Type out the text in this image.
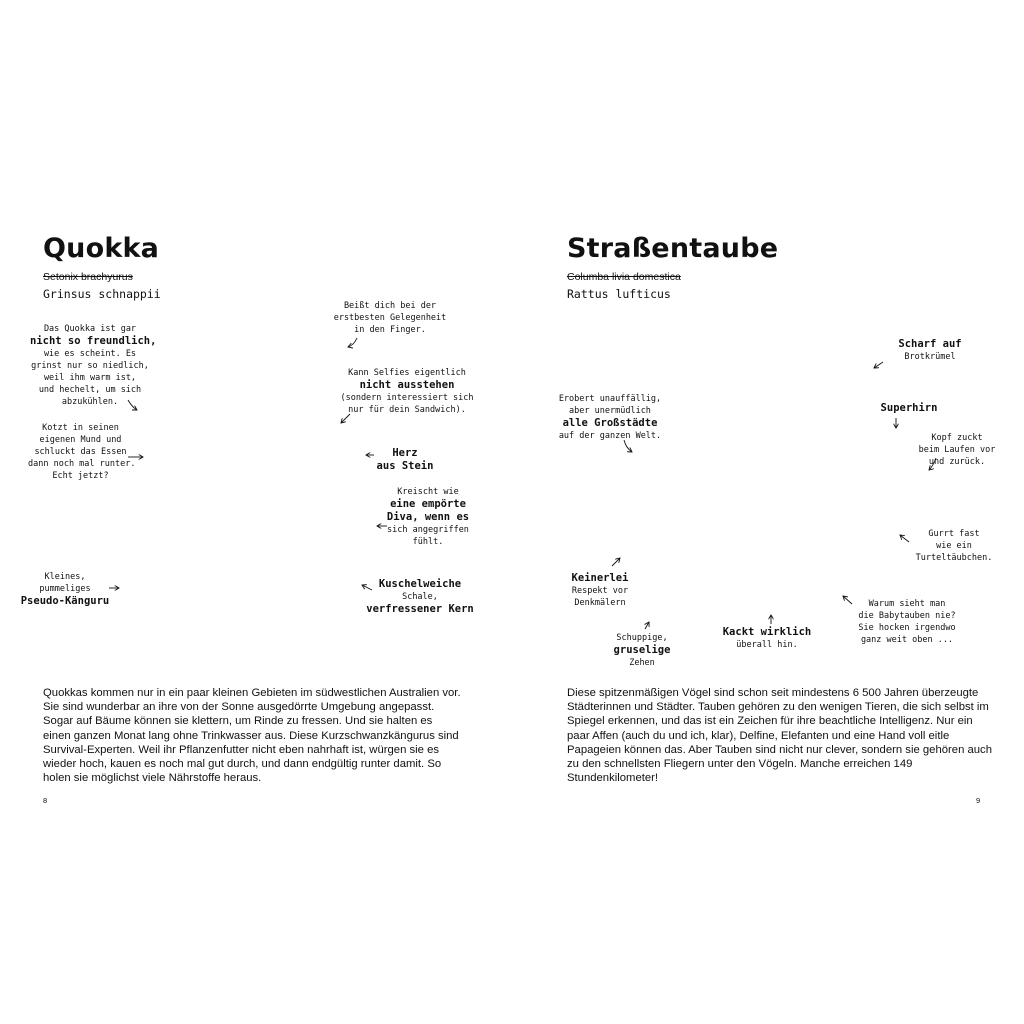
Quokka

Setonix brachyurus

Grinsus schnappii

Das Quokka ist gar
nicht so freundlich,
wie es scheint. Es
grinst nur so niedlich,
weil ihm warm ist,
und hechelt, um sich
abzukühlen.
Kotzt in seinen
eigenen Mund und
schluckt das Essen
dann noch mal runter.
Echt jetzt?
Kleines,
pummeliges
Pseudo-Känguru
Beißt dich bei der
erstbesten Gelegenheit
in den Finger.
Kann Selfies eigentlich
nicht ausstehen
(sondern interessiert sich
nur für dein Sandwich).
Herz
aus Stein
Kreischt wie
eine empörte
Diva, wenn es
sich angegriffen
fühlt.
Kuschelweiche
Schale,
verfressener Kern

Quokkas kommen nur in ein paar kleinen Gebieten im südwestlichen Australien vor. Sie sind wunderbar an ihre von der Sonne ausgedörrte Umgebung angepasst. Sogar auf Bäume können sie klettern, um Rinde zu fressen. Und sie halten es einen ganzen Monat lang ohne Trinkwasser aus. Diese Kurzschwanzkängurus sind Survival-Experten. Weil ihr Pflanzenfutter nicht eben nahrhaft ist, würgen sie es wieder hoch, kauen es noch mal gut durch, und dann endgültig runter damit. So holen sie möglichst viele Nährstoffe heraus.

8
Straßentaube

Columba livia domestica

Rattus lufticus

Scharf auf
Brotkrümel
Erobert unauffällig,
aber unermüdlich
alle Großstädte
auf der ganzen Welt.
Superhirn
Kopf zuckt
beim Laufen vor
und zurück.
Gurrt fast
wie ein
Turteltäubchen.
Keinerlei
Respekt vor
Denkmälern
Schuppige,
gruselige
Zehen
Kackt wirklich
überall hin.
Warum sieht man
die Babytauben nie?
Sie hocken irgendwo
ganz weit oben ...

Diese spitzenmäßigen Vögel sind schon seit mindestens 6 500 Jahren überzeugte Städterinnen und Städter. Tauben gehören zu den wenigen Tieren, die sich selbst im Spiegel erkennen, und das ist ein Zeichen für ihre beachtliche Intelligenz. Nur ein paar Affen (auch du und ich, klar), Delfine, Elefanten und eine Hand voll eitle Papageien können das. Aber Tauben sind nicht nur clever, sondern sie gehören auch zu den schnellsten Fliegern unter den Vögeln. Manche erreichen 149 Stundenkilometer!

9
